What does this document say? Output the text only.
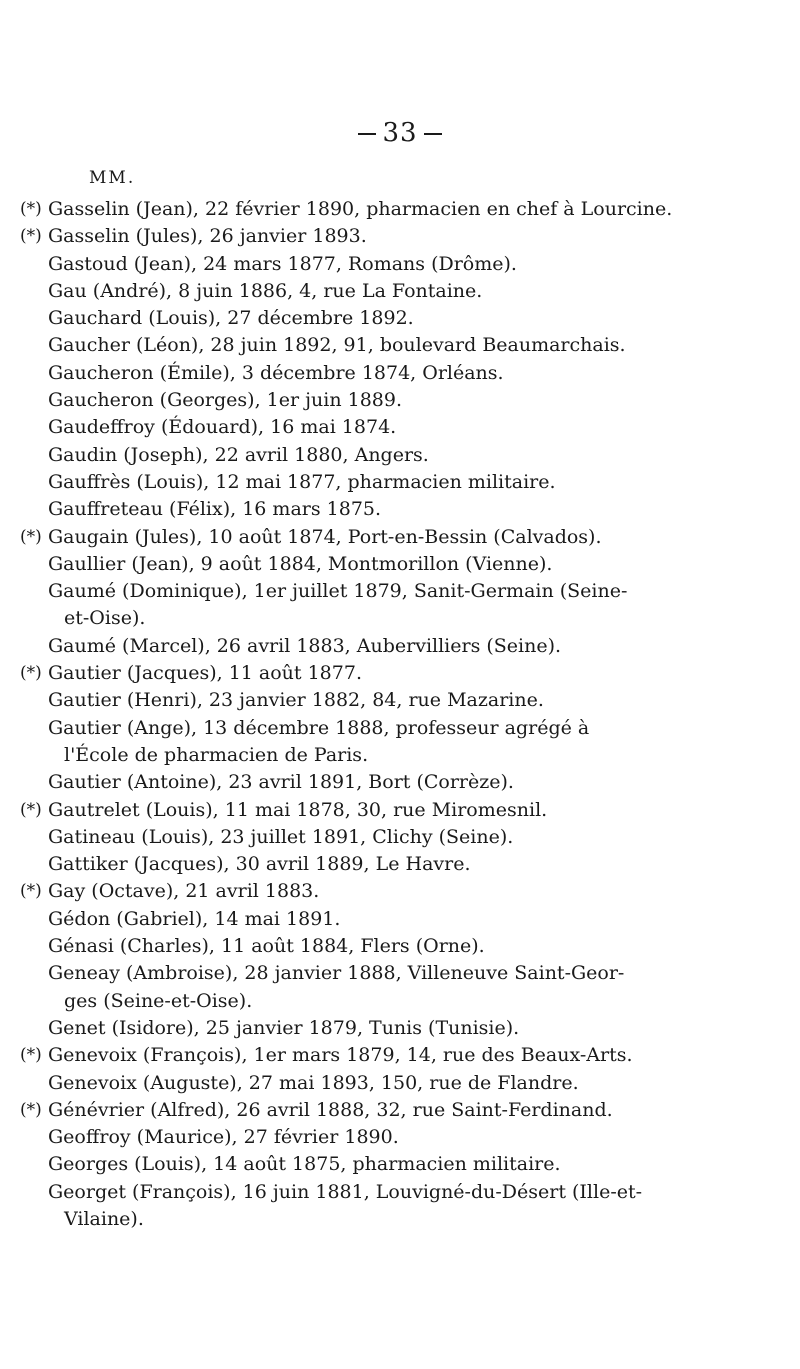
33
MM.
(*) Gasselin (Jean), 22 février 1890, pharmacien en chef à Lourcine.
(*) Gasselin (Jules), 26 janvier 1893.
Gastoud (Jean), 24 mars 1877, Romans (Drôme).
Gau (André), 8 juin 1886, 4, rue La Fontaine.
Gauchard (Louis), 27 décembre 1892.
Gaucher (Léon), 28 juin 1892, 91, boulevard Beaumarchais.
Gaucheron (Émile), 3 décembre 1874, Orléans.
Gaucheron (Georges), 1er juin 1889.
Gaudeffroy (Édouard), 16 mai 1874.
Gaudin (Joseph), 22 avril 1880, Angers.
Gauffrès (Louis), 12 mai 1877, pharmacien militaire.
Gauffreteau (Félix), 16 mars 1875.
(*) Gaugain (Jules), 10 août 1874, Port-en-Bessin (Calvados).
Gaullier (Jean), 9 août 1884, Montmorillon (Vienne).
Gaumé (Dominique), 1er juillet 1879, Sanit-Germain (Seine-
et-Oise).
Gaumé (Marcel), 26 avril 1883, Aubervilliers (Seine).
(*) Gautier (Jacques), 11 août 1877.
Gautier (Henri), 23 janvier 1882, 84, rue Mazarine.
Gautier (Ange), 13 décembre 1888, professeur agrégé à
l'École de pharmacien de Paris.
Gautier (Antoine), 23 avril 1891, Bort (Corrèze).
(*) Gautrelet (Louis), 11 mai 1878, 30, rue Miromesnil.
Gatineau (Louis), 23 juillet 1891, Clichy (Seine).
Gattiker (Jacques), 30 avril 1889, Le Havre.
(*) Gay (Octave), 21 avril 1883.
Gédon (Gabriel), 14 mai 1891.
Génasi (Charles), 11 août 1884, Flers (Orne).
Geneay (Ambroise), 28 janvier 1888, Villeneuve Saint-Geor-
ges (Seine-et-Oise).
Genet (Isidore), 25 janvier 1879, Tunis (Tunisie).
(*) Genevoix (François), 1er mars 1879, 14, rue des Beaux-Arts.
Genevoix (Auguste), 27 mai 1893, 150, rue de Flandre.
(*) Génévrier (Alfred), 26 avril 1888, 32, rue Saint-Ferdinand.
Geoffroy (Maurice), 27 février 1890.
Georges (Louis), 14 août 1875, pharmacien militaire.
Georget (François), 16 juin 1881, Louvigné-du-Désert (Ille-et-
Vilaine).
